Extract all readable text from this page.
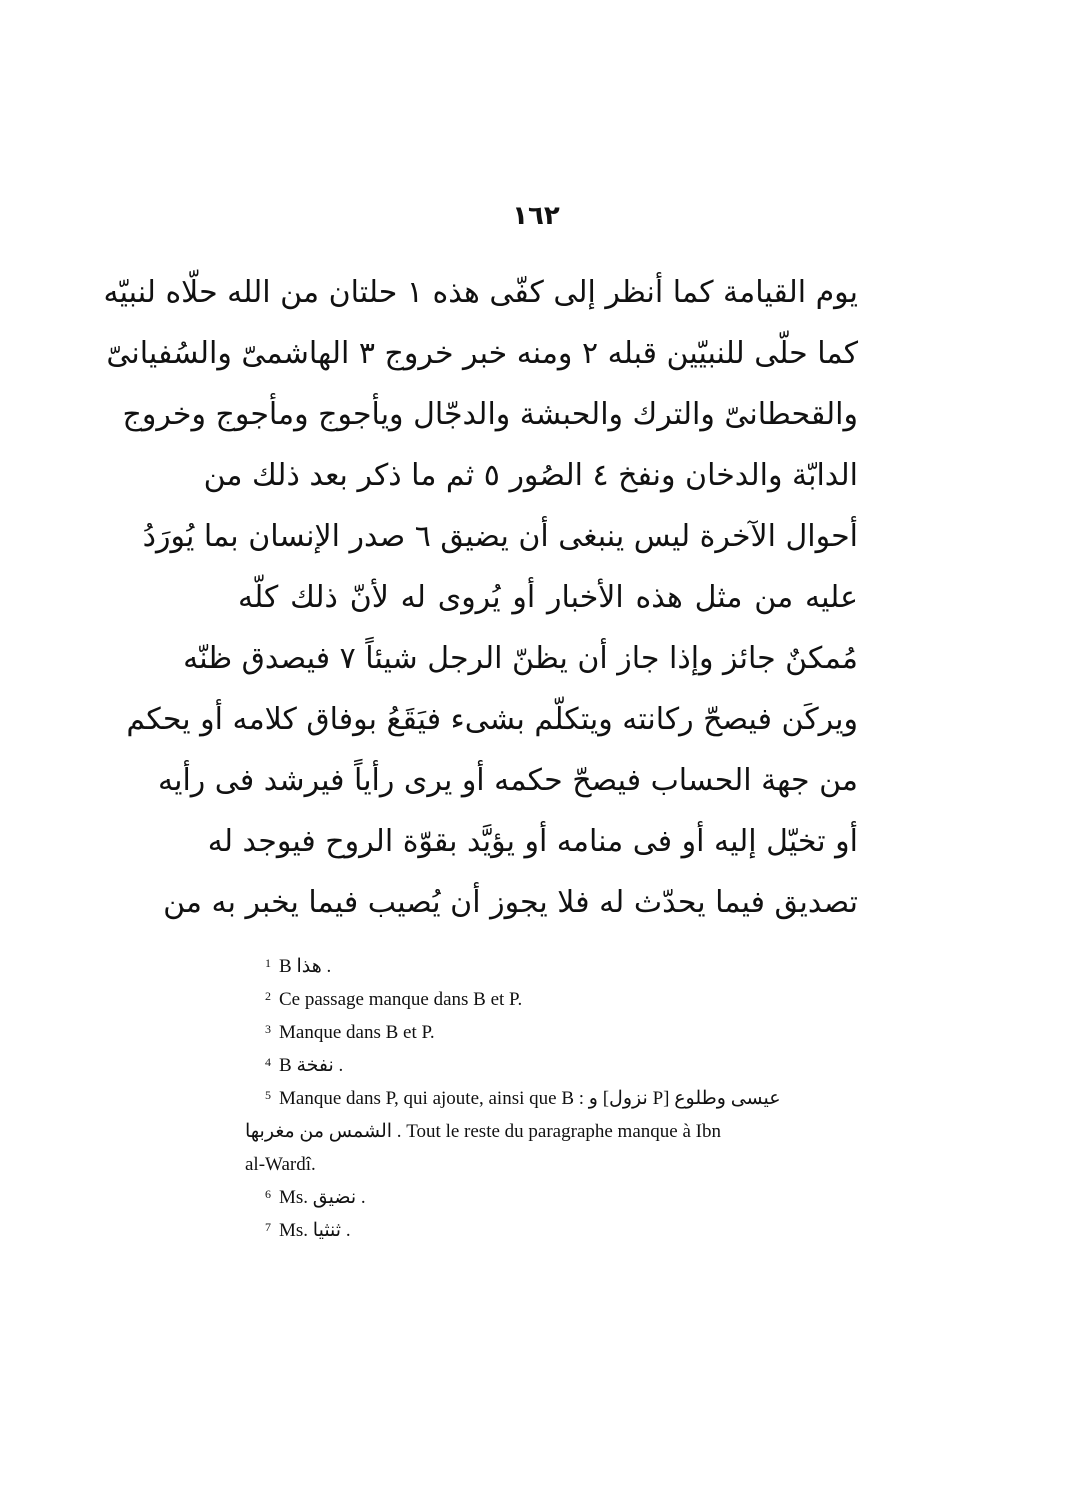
١٦٢
يوم القيامة كما أنظر إلى كفّى هذه ١ حلتان من الله حلّاه لنبيّه
كما حلّى للنبيّين قبله ٢ ومنه خبر خروج ٣ الهاشمىّ والسُفيانىّ
والقحطانىّ والترك والحبشة والدجّال ويأجوج ومأجوج وخروج
الدابّة والدخان ونفخ ٤ الصُور ٥ ثم ما ذكر بعد ذلك من
أحوال الآخرة ليس ينبغى أن يضيق ٦ صدر الإنسان بما يُورَدُ
عليه من مثل هذه الأخبار أو يُروى له لأنّ ذلك كلّه
مُمكنٌ جائز وإذا جاز أن يظنّ الرجل شيئاً ٧ فيصدق ظنّه
ويركَن فيصحّ ركانته ويتكلّم بشىء فيَقَعُ بوفاق كلامه أو يحكم
من جهة الحساب فيصحّ حكمه أو يرى رأياً فيرشد فى رأيه
أو تخيّل إليه أو فى منامه أو يؤيَّد بقوّة الروح فيوجد له
تصديق فيما يحدّث له فلا يجوز أن يُصيب فيما يخبر به من
1 B هذا .
2 Ce passage manque dans B et P.
3 Manque dans B et P.
4 B نفخة .
5 Manque dans P, qui ajoute, ainsi que B : و [نزول P] عيسى وطلوع
الشمس من مغربها . Tout le reste du paragraphe manque à Ibn
al-Wardî.
6 Ms. نضيق .
7 Ms. ثنثيا .
